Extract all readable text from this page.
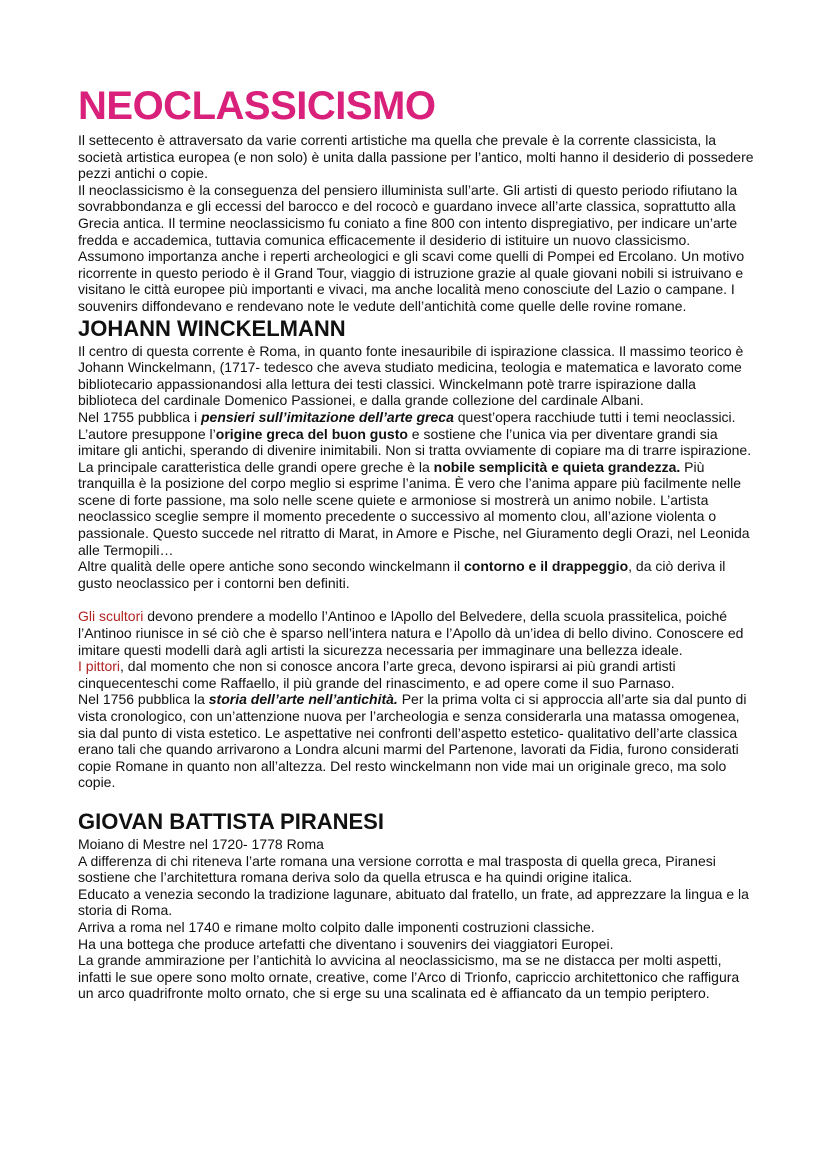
NEOCLASSICISMO

Il settecento è attraversato da varie correnti artistiche ma quella che prevale è la corrente classicista, la società artistica europea (e non solo) è unita dalla passione per l’antico, molti hanno il desiderio di possedere pezzi antichi o copie.

Il neoclassicismo è la conseguenza del pensiero illuminista sull’arte. Gli artisti di questo periodo rifiutano la sovrabbondanza e gli eccessi del barocco e del rococò e guardano invece all’arte classica, soprattutto alla Grecia antica. Il termine neoclassicismo fu coniato a fine 800 con intento dispregiativo, per indicare un’arte fredda e accademica, tuttavia comunica efficacemente il desiderio di istituire un nuovo classicismo. Assumono importanza anche i reperti archeologici e gli scavi come quelli di Pompei ed Ercolano. Un motivo ricorrente in questo periodo è il Grand Tour, viaggio di istruzione grazie al quale giovani nobili si istruivano e visitano le città europee più importanti e vivaci, ma anche località meno conosciute del Lazio o campane. I souvenirs diffondevano e rendevano note le vedute dell’antichità come quelle delle rovine romane.

JOHANN WINCKELMANN

Il centro di questa corrente è Roma, in quanto fonte inesauribile di ispirazione classica. Il massimo teorico è Johann Winckelmann, (1717- tedesco che aveva studiato medicina, teologia e matematica e lavorato come bibliotecario appassionandosi alla lettura dei testi classici. Winckelmann potè trarre ispirazione dalla biblioteca del cardinale Domenico Passionei, e dalla grande collezione del cardinale Albani.

Nel 1755 pubblica i pensieri sull’imitazione dell’arte greca quest’opera racchiude tutti i temi neoclassici. L’autore presuppone l’origine greca del buon gusto e sostiene che l’unica via per diventare grandi sia imitare gli antichi, sperando di divenire inimitabili. Non si tratta ovviamente di copiare ma di trarre ispirazione. La principale caratteristica delle grandi opere greche è la nobile semplicità e quieta grandezza. Più tranquilla è la posizione del corpo meglio si esprime l’anima. È vero che l’anima appare più facilmente nelle scene di forte passione, ma solo nelle scene quiete e armoniose si mostrerà un animo nobile. L’artista neoclassico sceglie sempre il momento precedente o successivo al momento clou, all’azione violenta o passionale. Questo succede nel ritratto di Marat, in Amore e Pische, nel Giuramento degli Orazi, nel Leonida alle Termopili…

Altre qualità delle opere antiche sono secondo winckelmann il contorno e il drappeggio, da ciò deriva il gusto neoclassico per i contorni ben definiti.

Gli scultori devono prendere a modello l’Antinoo e lApollo del Belvedere, della scuola prassitelica, poiché l’Antinoo riunisce in sé ciò che è sparso nell’intera natura e l’Apollo dà un’idea di bello divino. Conoscere ed imitare questi modelli darà agli artisti la sicurezza necessaria per immaginare una bellezza ideale.

I pittori, dal momento che non si conosce ancora l’arte greca, devono ispirarsi ai più grandi artisti cinquecenteschi come Raffaello, il più grande del rinascimento, e ad opere come il suo Parnaso.

Nel 1756 pubblica la storia dell’arte nell’antichità. Per la prima volta ci si approccia all’arte sia dal punto di vista cronologico, con un’attenzione nuova per l’archeologia e senza considerarla una matassa omogenea, sia dal punto di vista estetico. Le aspettative nei confronti dell’aspetto estetico- qualitativo dell’arte classica erano tali che quando arrivarono a Londra alcuni marmi del Partenone, lavorati da Fidia, furono considerati copie Romane in quanto non all’altezza. Del resto winckelmann non vide mai un originale greco, ma solo copie.

GIOVAN BATTISTA PIRANESI

Moiano di Mestre nel 1720- 1778 Roma

A differenza di chi riteneva l’arte romana una versione corrotta e mal trasposta di quella greca, Piranesi sostiene che l’architettura romana deriva solo da quella etrusca e ha quindi origine italica.

Educato a venezia secondo la tradizione lagunare, abituato dal fratello, un frate, ad apprezzare la lingua e la storia di Roma.

Arriva a roma nel 1740 e rimane molto colpito dalle imponenti costruzioni classiche.

Ha una bottega che produce artefatti che diventano i souvenirs dei viaggiatori Europei.

La grande ammirazione per l’antichità lo avvicina al neoclassicismo, ma se ne distacca per molti aspetti, infatti le sue opere sono molto ornate, creative, come l’Arco di Trionfo, capriccio architettonico che raffigura un arco quadrifronte molto ornato, che si erge su una scalinata ed è affiancato da un tempio periptero.
